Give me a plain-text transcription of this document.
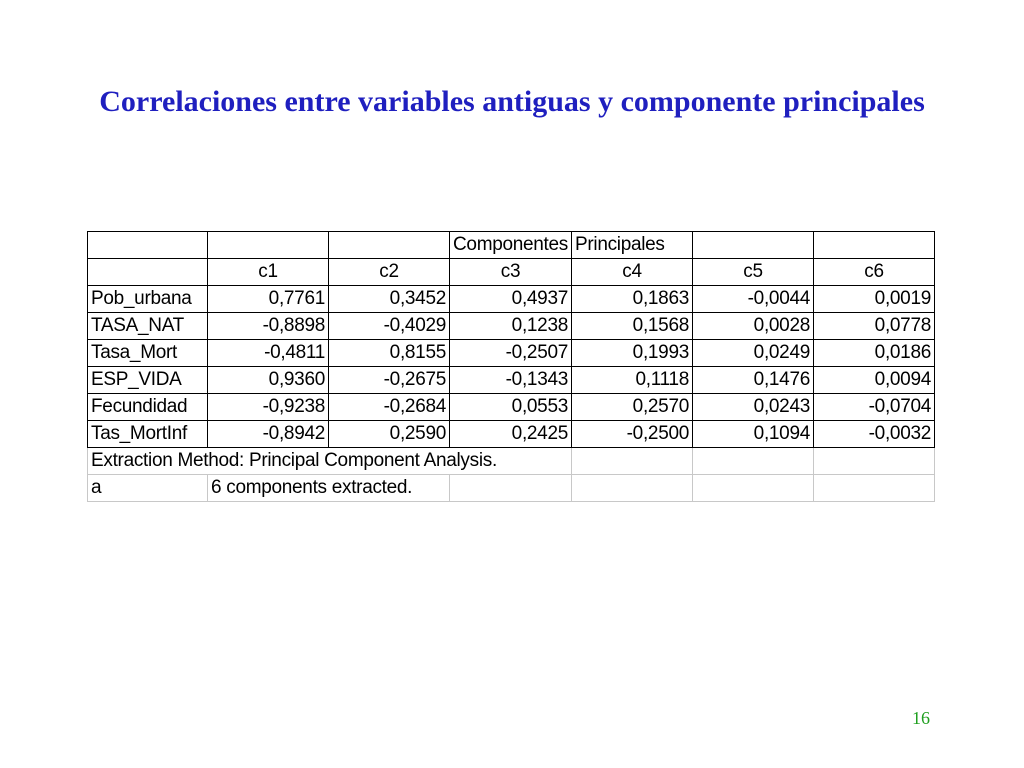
Correlaciones entre variables antiguas y componente principales
			Componentes	Principales		
	c1	c2	c3	c4	c5	c6
Pob_urbana	0,7761	0,3452	0,4937	0,1863	-0,0044	0,0019
TASA_NAT	-0,8898	-0,4029	0,1238	0,1568	0,0028	0,0778
Tasa_Mort	-0,4811	0,8155	-0,2507	0,1993	0,0249	0,0186
ESP_VIDA	0,9360	-0,2675	-0,1343	0,1118	0,1476	0,0094
Fecundidad	-0,9238	-0,2684	0,0553	0,2570	0,0243	-0,0704
Tas_MortInf	-0,8942	0,2590	0,2425	-0,2500	0,1094	-0,0032
Extraction Method: Principal Component Analysis.						
a	6 components extracted.					
16
